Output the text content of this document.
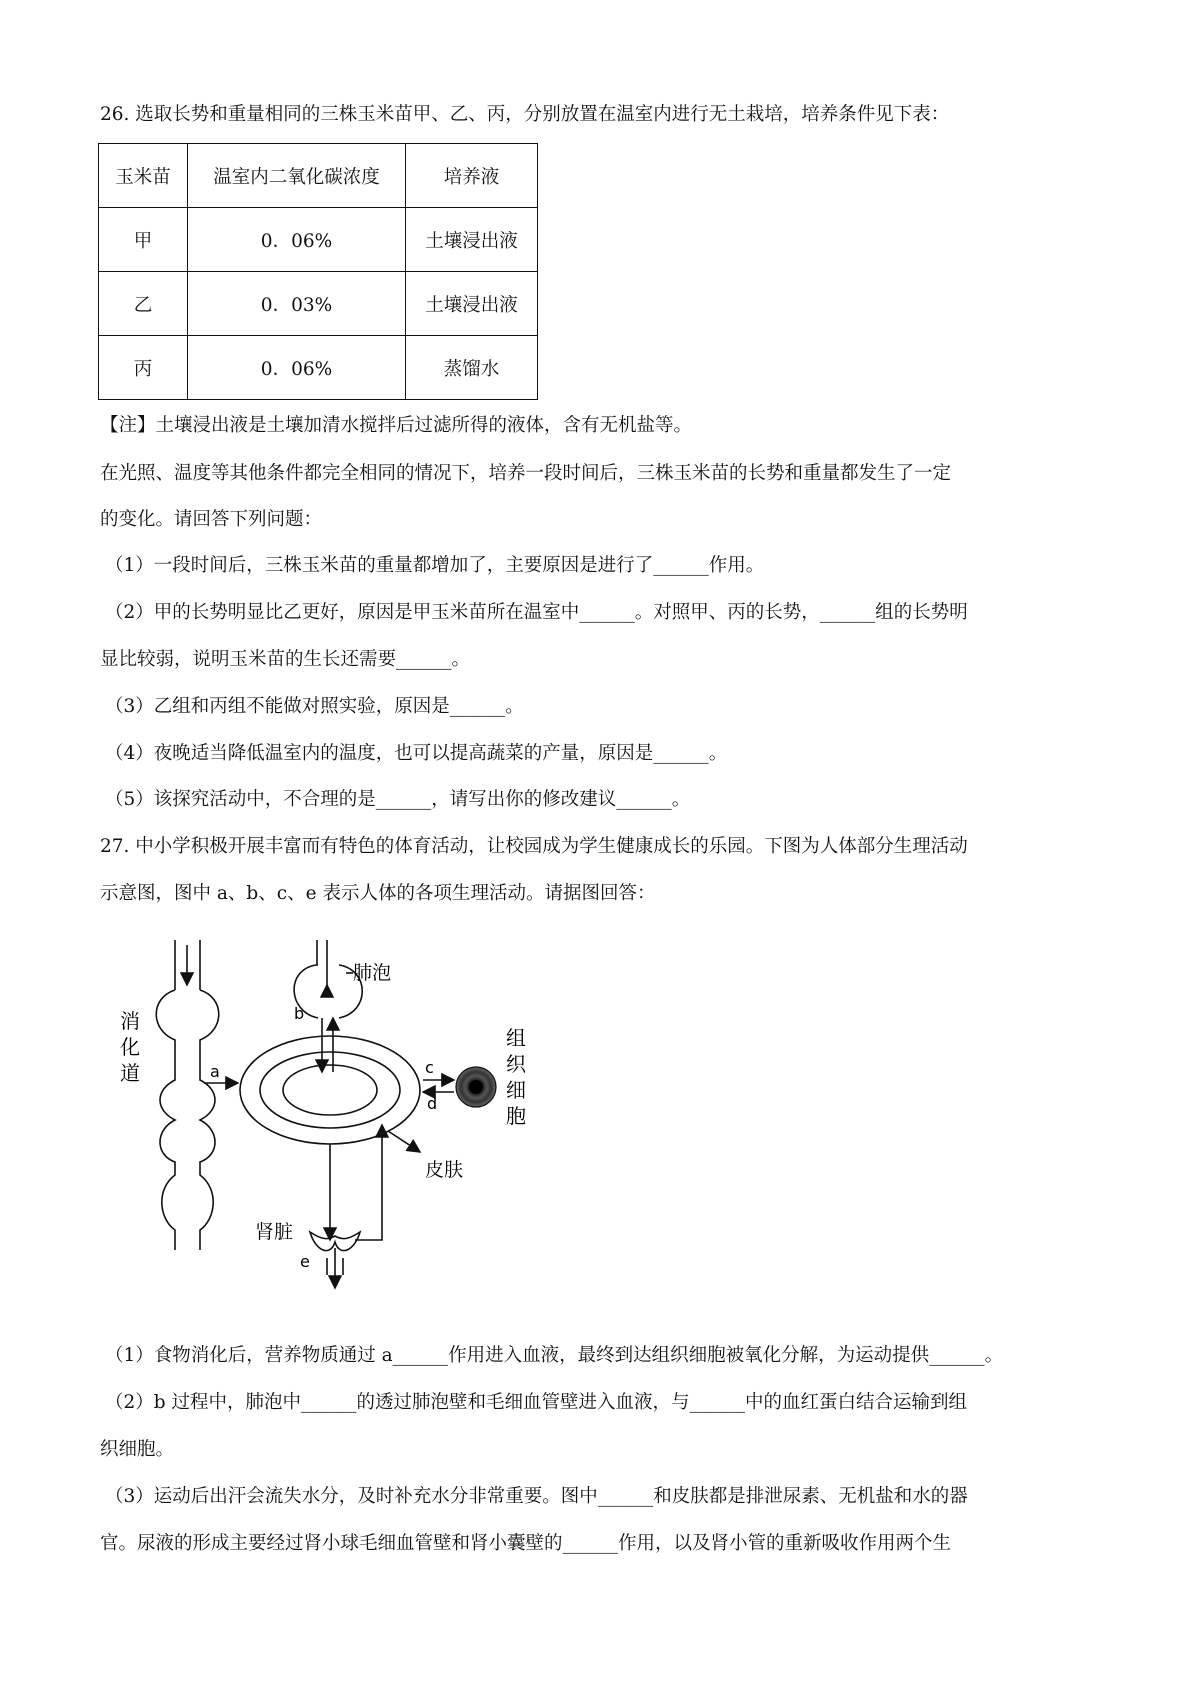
26. 选取长势和重量相同的三株玉米苗甲、乙、丙，分别放置在温室内进行无土栽培，培养条件见下表：
玉米苗	温室内二氧化碳浓度	培养液
甲	0．06%	土壤浸出液
乙	0．03%	土壤浸出液
丙	0．06%	蒸馏水
【注】土壤浸出液是土壤加清水搅拌后过滤所得的液体，含有无机盐等。
在光照、温度等其他条件都完全相同的情况下，培养一段时间后，三株玉米苗的长势和重量都发生了一定
的变化。请回答下列问题：
（1）一段时间后，三株玉米苗的重量都增加了，主要原因是进行了______作用。
（2）甲的长势明显比乙更好，原因是甲玉米苗所在温室中______。对照甲、丙的长势，______组的长势明
显比较弱，说明玉米苗的生长还需要______。
（3）乙组和丙组不能做对照实验，原因是______。
（4）夜晚适当降低温室内的温度，也可以提高蔬菜的产量，原因是______。
（5）该探究活动中，不合理的是______，请写出你的修改建议______。
27. 中小学积极开展丰富而有特色的体育活动，让校园成为学生健康成长的乐园。下图为人体部分生理活动
示意图，图中 a、b、c、e 表示人体的各项生理活动。请据图回答：
消
化
道	a
肺泡
b
c
d
组
织
细
胞
皮肤
肾脏
e
（1）食物消化后，营养物质通过 a______作用进入血液，最终到达组织细胞被氧化分解，为运动提供______。
（2）b 过程中，肺泡中______的透过肺泡壁和毛细血管壁进入血液，与______中的血红蛋白结合运输到组
织细胞。
（3）运动后出汗会流失水分，及时补充水分非常重要。图中______和皮肤都是排泄尿素、无机盐和水的器
官。尿液的形成主要经过肾小球毛细血管壁和肾小囊壁的______作用，以及肾小管的重新吸收作用两个生
